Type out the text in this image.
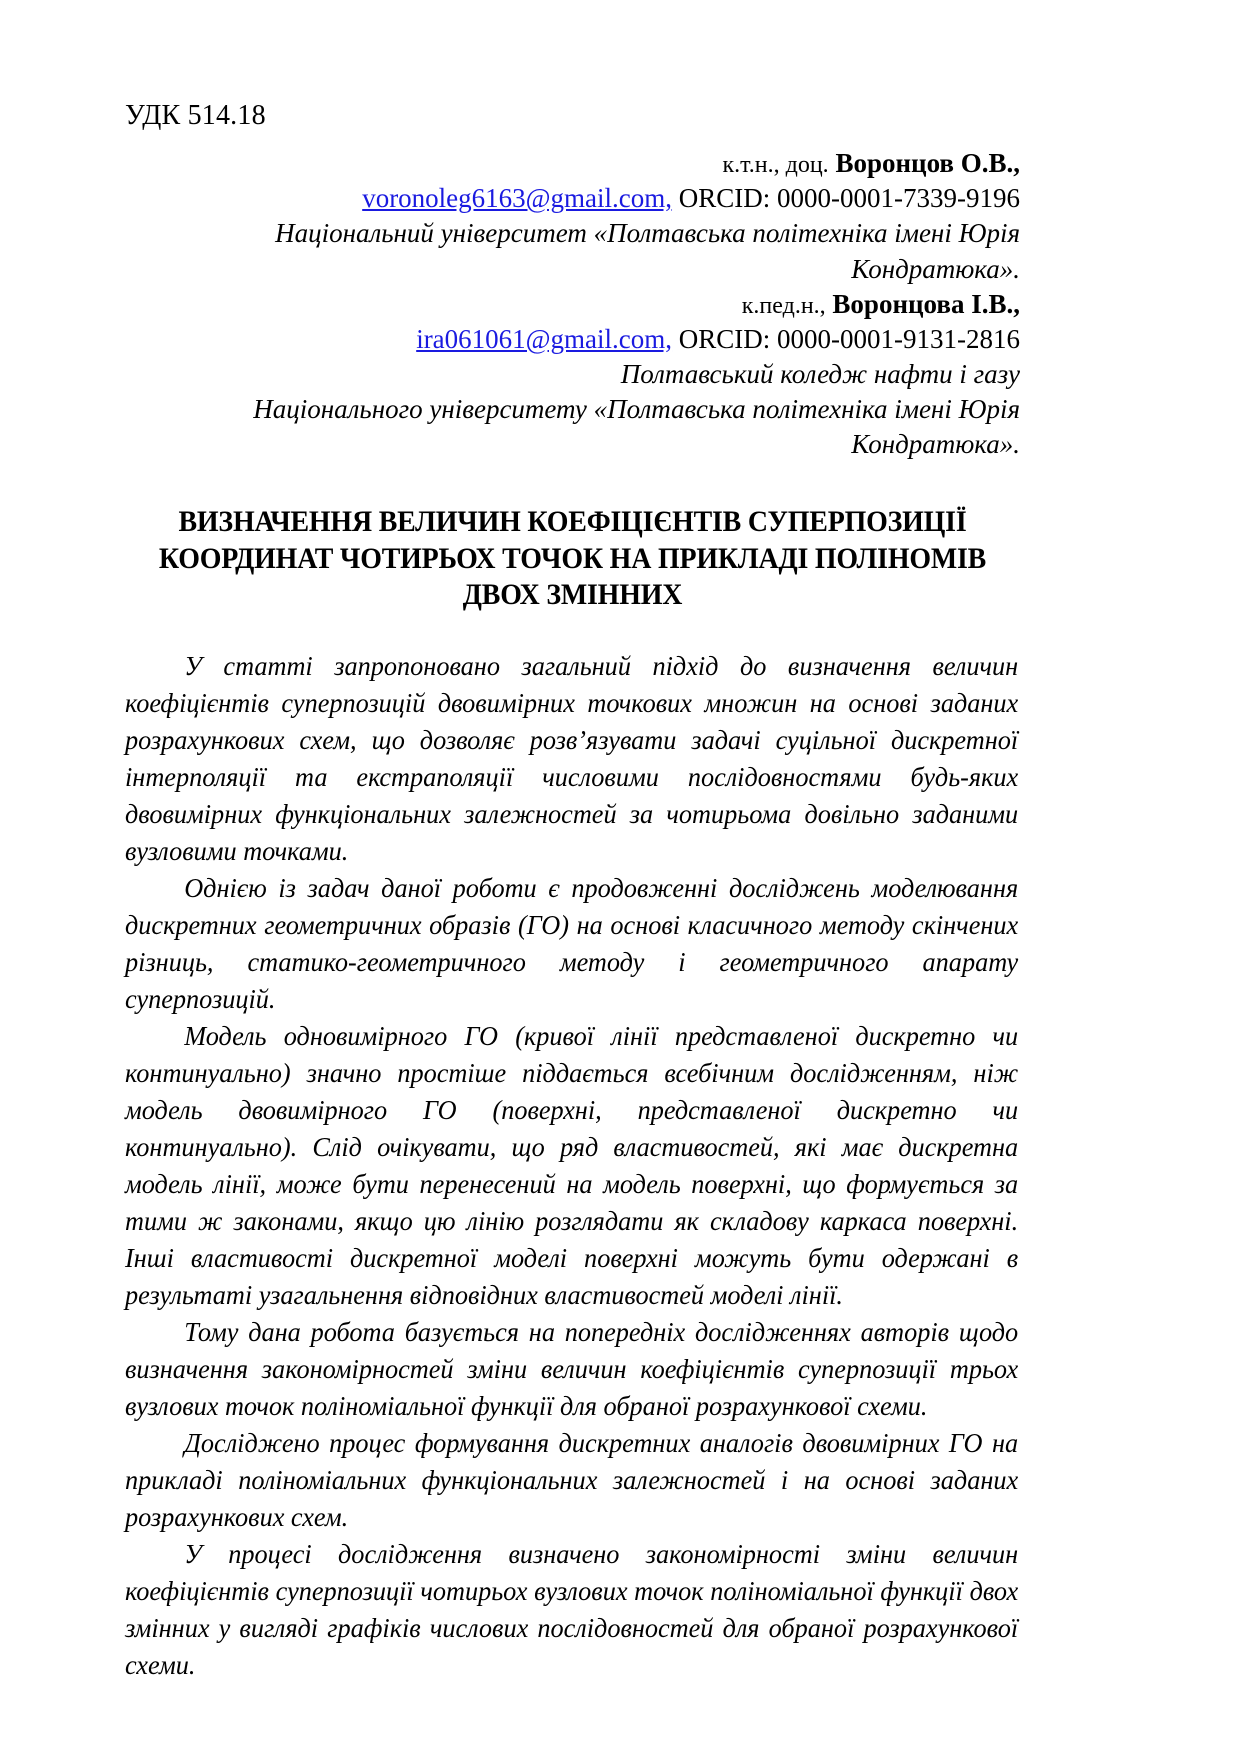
УДК 514.18
к.т.н., доц. Воронцов О.В.,
voronoleg6163@gmail.com, ORCID: 0000-0001-7339-9196
Національний університет «Полтавська політехніка імені Юрія
Кондратюка».
к.пед.н., Воронцова І.В.,
ira061061@gmail.com, ORCID: 0000-0001-9131-2816
Полтавський коледж нафти і газу
Національного університету «Полтавська політехніка імені Юрія
Кондратюка».
ВИЗНАЧЕННЯ ВЕЛИЧИН КОЕФІЦІЄНТІВ СУПЕРПОЗИЦІЇ
КООРДИНАТ ЧОТИРЬОХ ТОЧОК НА ПРИКЛАДІ ПОЛІНОМІВ
ДВОХ ЗМІННИХ

У статті запропоновано загальний підхід до визначення величин коефіцієнтів суперпозицій двовимірних точкових множин на основі заданих розрахункових схем, що дозволяє розв’язувати задачі суцільної дискретної інтерполяції та екстраполяції числовими послідовностями будь-яких двовимірних функціональних залежностей за чотирьома довільно заданими вузловими точками.

Однією із задач даної роботи є продовженні досліджень моделювання дискретних геометричних образів (ГО) на основі класичного методу скінчених різниць, статико-геометричного методу і геометричного апарату суперпозицій.

Модель одновимірного ГО (кривої лінії представленої дискретно чи континуально) значно простіше піддається всебічним дослідженням, ніж модель двовимірного ГО (поверхні, представленої дискретно чи континуально). Слід очікувати, що ряд властивостей, які має дискретна модель лінії, може бути перенесений на модель поверхні, що формується за тими ж законами, якщо цю лінію розглядати як складову каркаса поверхні. Інші властивості дискретної моделі поверхні можуть бути одержані в результаті узагальнення відповідних властивостей моделі лінії.

Тому дана робота базується на попередніх дослідженнях авторів щодо визначення закономірностей зміни величин коефіцієнтів суперпозиції трьох вузлових точок поліноміальної функції для обраної розрахункової схеми.

Досліджено процес формування дискретних аналогів двовимірних ГО на прикладі поліноміальних функціональних залежностей і на основі заданих розрахункових схем.

У процесі дослідження визначено закономірності зміни величин коефіцієнтів суперпозиції чотирьох вузлових точок поліноміальної функції двох змінних у вигляді графіків числових послідовностей для обраної розрахункової схеми.
